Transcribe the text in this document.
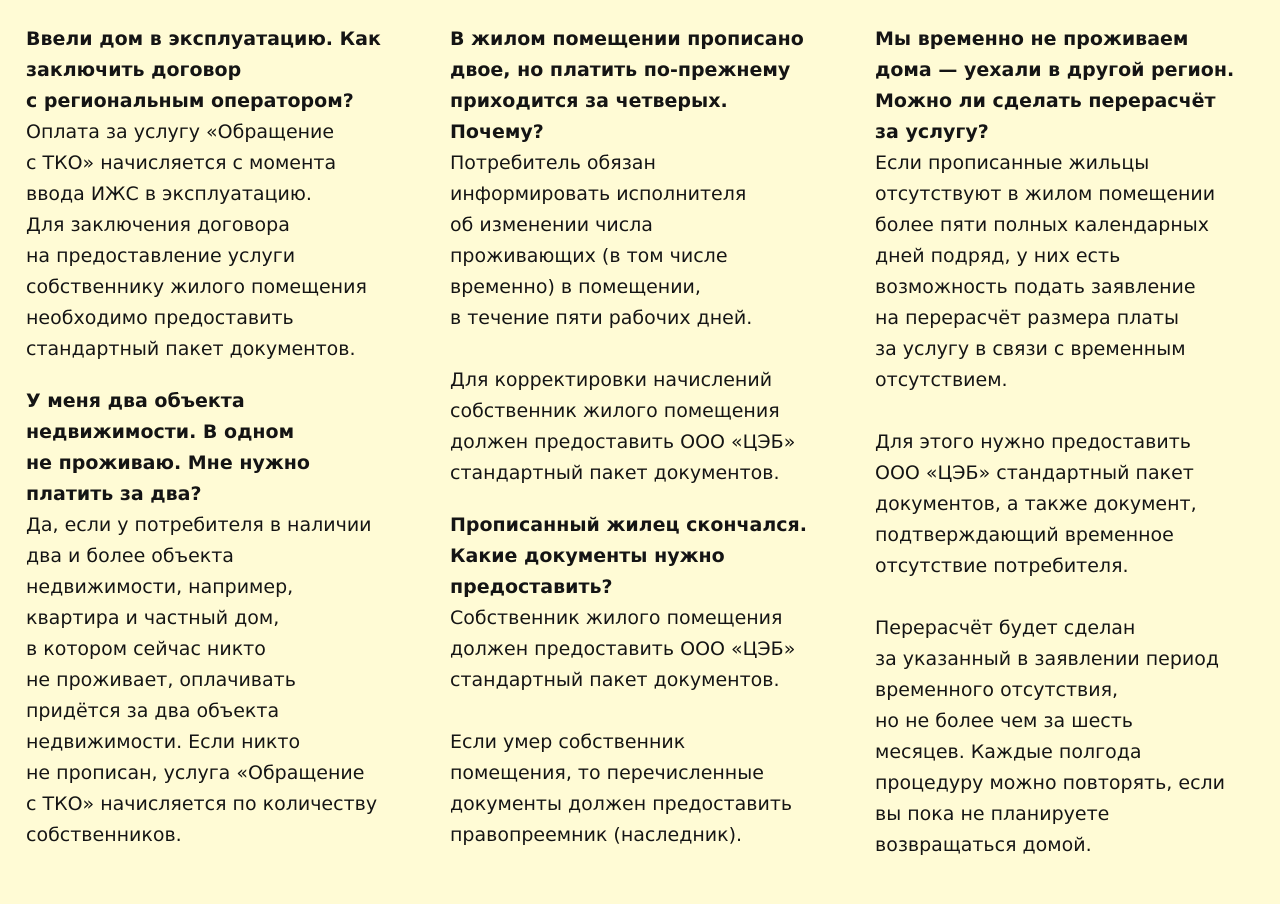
Ввели дом в эксплуатацию. Как
заключить договор
с региональным оператором?

Оплата за услугу «Обращение
с ТКО» начисляется с момента
ввода ИЖС в эксплуатацию.
Для заключения договора
на предоставление услуги
собственнику жилого помещения
необходимо предоставить
стандартный пакет документов.

У меня два объекта
недвижимости. В одном
не проживаю. Мне нужно
платить за два?

Да, если у потребителя в наличии
два и более объекта
недвижимости, например,
квартира и частный дом,
в котором сейчас никто
не проживает, оплачивать
придётся за два объекта
недвижимости. Если никто
не прописан, услуга «Обращение
с ТКО» начисляется по количеству
собственников.

В жилом помещении прописано
двое, но платить по-прежнему
приходится за четверых.
Почему?

Потребитель обязан
информировать исполнителя
об изменении числа
проживающих (в том числе
временно) в помещении,
в течение пяти рабочих дней.

Для корректировки начислений
собственник жилого помещения
должен предоставить ООО «ЦЭБ»
стандартный пакет документов.

Прописанный жилец скончался.
Какие документы нужно
предоставить?

Собственник жилого помещения
должен предоставить ООО «ЦЭБ»
стандартный пакет документов.

Если умер собственник
помещения, то перечисленные
документы должен предоставить
правопреемник (наследник).

Мы временно не проживаем
дома — уехали в другой регион.
Можно ли сделать перерасчёт
за услугу?

Если прописанные жильцы
отсутствуют в жилом помещении
более пяти полных календарных
дней подряд, у них есть
возможность подать заявление
на перерасчёт размера платы
за услугу в связи с временным
отсутствием.

Для этого нужно предоставить
ООО «ЦЭБ» стандартный пакет
документов, а также документ,
подтверждающий временное
отсутствие потребителя.

Перерасчёт будет сделан
за указанный в заявлении период
временного отсутствия,
но не более чем за шесть
месяцев. Каждые полгода
процедуру можно повторять, если
вы пока не планируете
возвращаться домой.
